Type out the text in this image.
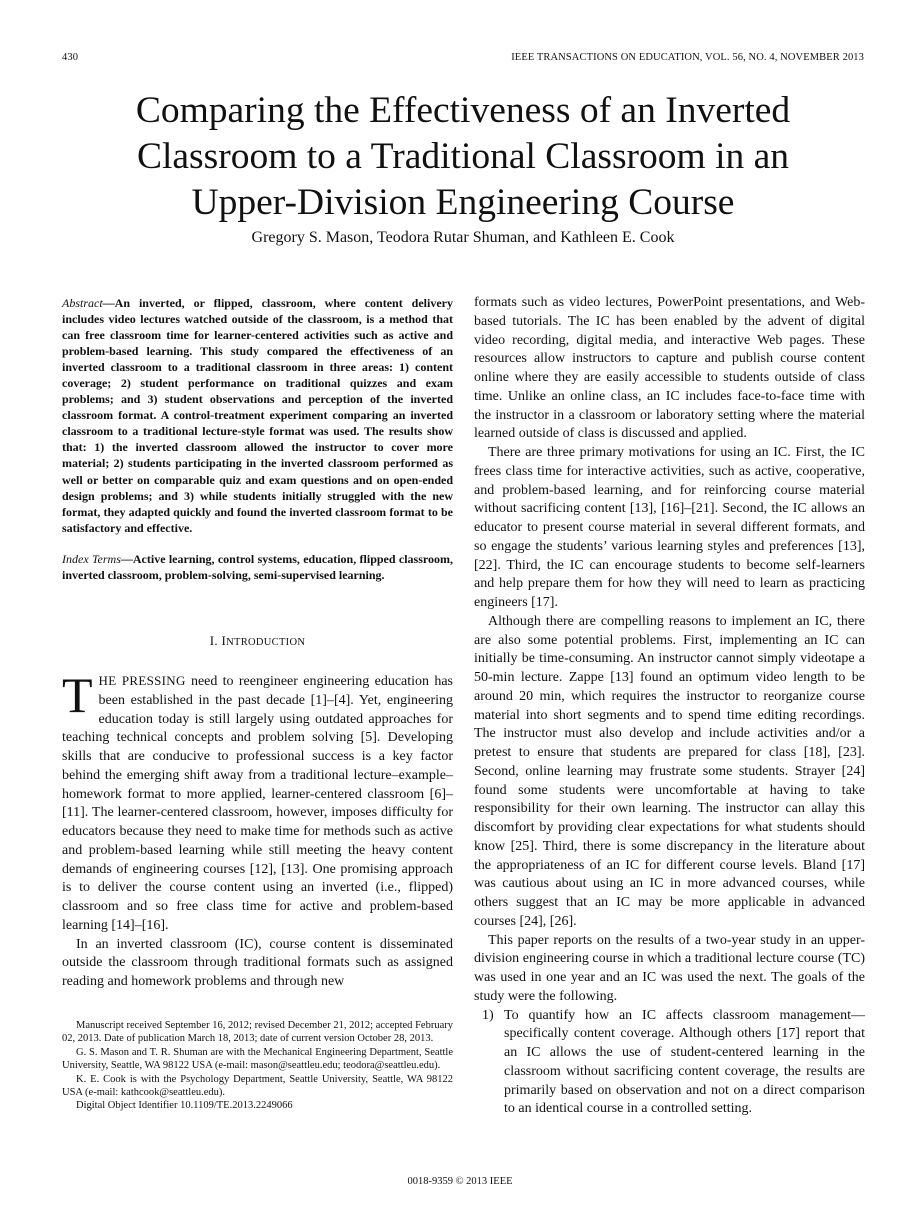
430	IEEE TRANSACTIONS ON EDUCATION, VOL. 56, NO. 4, NOVEMBER 2013
Comparing the Effectiveness of an Inverted
Classroom to a Traditional Classroom in an
Upper-Division Engineering Course
Gregory S. Mason, Teodora Rutar Shuman, and Kathleen E. Cook
Abstract—An inverted, or flipped, classroom, where content delivery includes video lectures watched outside of the classroom, is a method that can free classroom time for learner-centered activities such as active and problem-based learning. This study compared the effectiveness of an inverted classroom to a traditional classroom in three areas: 1) content coverage; 2) student performance on traditional quizzes and exam problems; and 3) student observations and perception of the inverted classroom format. A control-treatment experiment comparing an inverted classroom to a traditional lecture-style format was used. The results show that: 1) the inverted classroom allowed the instructor to cover more material; 2) students participating in the inverted classroom performed as well or better on comparable quiz and exam questions and on open-ended design problems; and 3) while students initially struggled with the new format, they adapted quickly and found the inverted classroom format to be satisfactory and effective.
Index Terms—Active learning, control systems, education, flipped classroom, inverted classroom, problem-solving, semi-supervised learning.
I. INTRODUCTION

THE PRESSING need to reengineer engineering education has been established in the past decade [1]–[4]. Yet, engineering education today is still largely using outdated approaches for teaching technical concepts and problem solving [5]. Developing skills that are conducive to professional success is a key factor behind the emerging shift away from a traditional lecture–example–homework format to more applied, learner-centered classroom [6]–[11]. The learner-centered classroom, however, imposes difficulty for educators because they need to make time for methods such as active and problem-based learning while still meeting the heavy content demands of engineering courses [12], [13]. One promising approach is to deliver the course content using an inverted (i.e., flipped) classroom and so free class time for active and problem-based learning [14]–[16].

In an inverted classroom (IC), course content is disseminated outside the classroom through traditional formats such as assigned reading and homework problems and through new

formats such as video lectures, PowerPoint presentations, and Web-based tutorials. The IC has been enabled by the advent of digital video recording, digital media, and interactive Web pages. These resources allow instructors to capture and publish course content online where they are easily accessible to students outside of class time. Unlike an online class, an IC includes face-to-face time with the instructor in a classroom or laboratory setting where the material learned outside of class is discussed and applied.

There are three primary motivations for using an IC. First, the IC frees class time for interactive activities, such as active, cooperative, and problem-based learning, and for reinforcing course material without sacrificing content [13], [16]–[21]. Second, the IC allows an educator to present course material in several different formats, and so engage the students’ various learning styles and preferences [13], [22]. Third, the IC can encourage students to become self-learners and help prepare them for how they will need to learn as practicing engineers [17].

Although there are compelling reasons to implement an IC, there are also some potential problems. First, implementing an IC can initially be time-consuming. An instructor cannot simply videotape a 50-min lecture. Zappe [13] found an optimum video length to be around 20 min, which requires the instructor to reorganize course material into short segments and to spend time editing recordings. The instructor must also develop and include activities and/or a pretest to ensure that students are prepared for class [18], [23]. Second, online learning may frustrate some students. Strayer [24] found some students were uncomfortable at having to take responsibility for their own learning. The instructor can allay this discomfort by providing clear expectations for what students should know [25]. Third, there is some discrepancy in the literature about the appropriateness of an IC for different course levels. Bland [17] was cautious about using an IC in more advanced courses, while others suggest that an IC may be more applicable in advanced courses [24], [26].

This paper reports on the results of a two-year study in an upper-division engineering course in which a traditional lecture course (TC) was used in one year and an IC was used the next. The goals of the study were the following.

1) To quantify how an IC affects classroom management—specifically content coverage. Although others [17] report that an IC allows the use of student-centered learning in the classroom without sacrificing content coverage, the results are primarily based on observation and not on a direct comparison to an identical course in a controlled setting.

Manuscript received September 16, 2012; revised December 21, 2012; accepted February 02, 2013. Date of publication March 18, 2013; date of current version October 28, 2013.

G. S. Mason and T. R. Shuman are with the Mechanical Engineering Department, Seattle University, Seattle, WA 98122 USA (e-mail: mason@seattleu.edu; teodora@seattleu.edu).

K. E. Cook is with the Psychology Department, Seattle University, Seattle, WA 98122 USA (e-mail: kathcook@seattleu.edu).

Digital Object Identifier 10.1109/TE.2013.2249066

0018-9359 © 2013 IEEE
